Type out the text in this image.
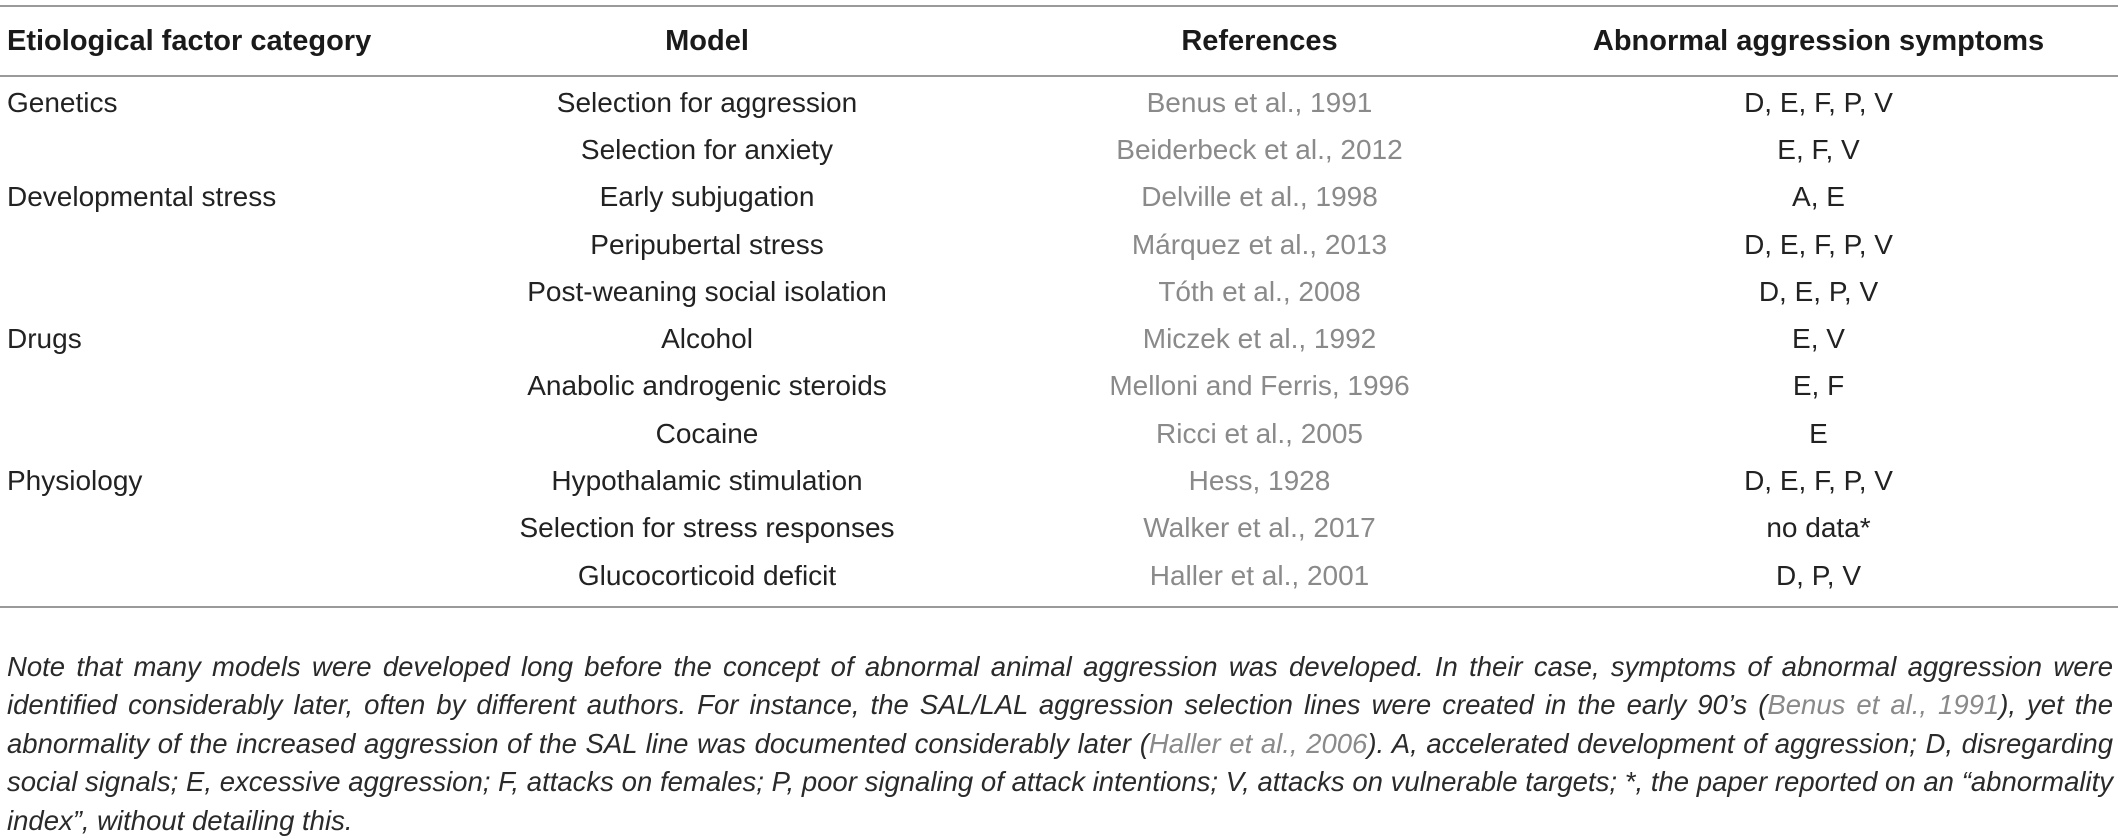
Etiological factor category	Model	References	Abnormal aggression symptoms
Genetics	Selection for aggression	Benus et al., 1991	D, E, F, P, V
	Selection for anxiety	Beiderbeck et al., 2012	E, F, V
Developmental stress	Early subjugation	Delville et al., 1998	A, E
	Peripubertal stress	Márquez et al., 2013	D, E, F, P, V
	Post-weaning social isolation	Tóth et al., 2008	D, E, P, V
Drugs	Alcohol	Miczek et al., 1992	E, V
	Anabolic androgenic steroids	Melloni and Ferris, 1996	E, F
	Cocaine	Ricci et al., 2005	E
Physiology	Hypothalamic stimulation	Hess, 1928	D, E, F, P, V
	Selection for stress responses	Walker et al., 2017	no data*
	Glucocorticoid deficit	Haller et al., 2001	D, P, V

Note that many models were developed long before the concept of abnormal animal aggression was developed. In their case, symptoms of abnormal aggression were identified considerably later, often by different authors. For instance, the SAL/LAL aggression selection lines were created in the early 90’s (Benus et al., 1991), yet the abnormality of the increased aggression of the SAL line was documented considerably later (Haller et al., 2006). A, accelerated development of aggression; D, disregarding social signals; E, excessive aggression; F, attacks on females; P, poor signaling of attack intentions; V, attacks on vulnerable targets; *, the paper reported on an “abnormality index”, without detailing this.
